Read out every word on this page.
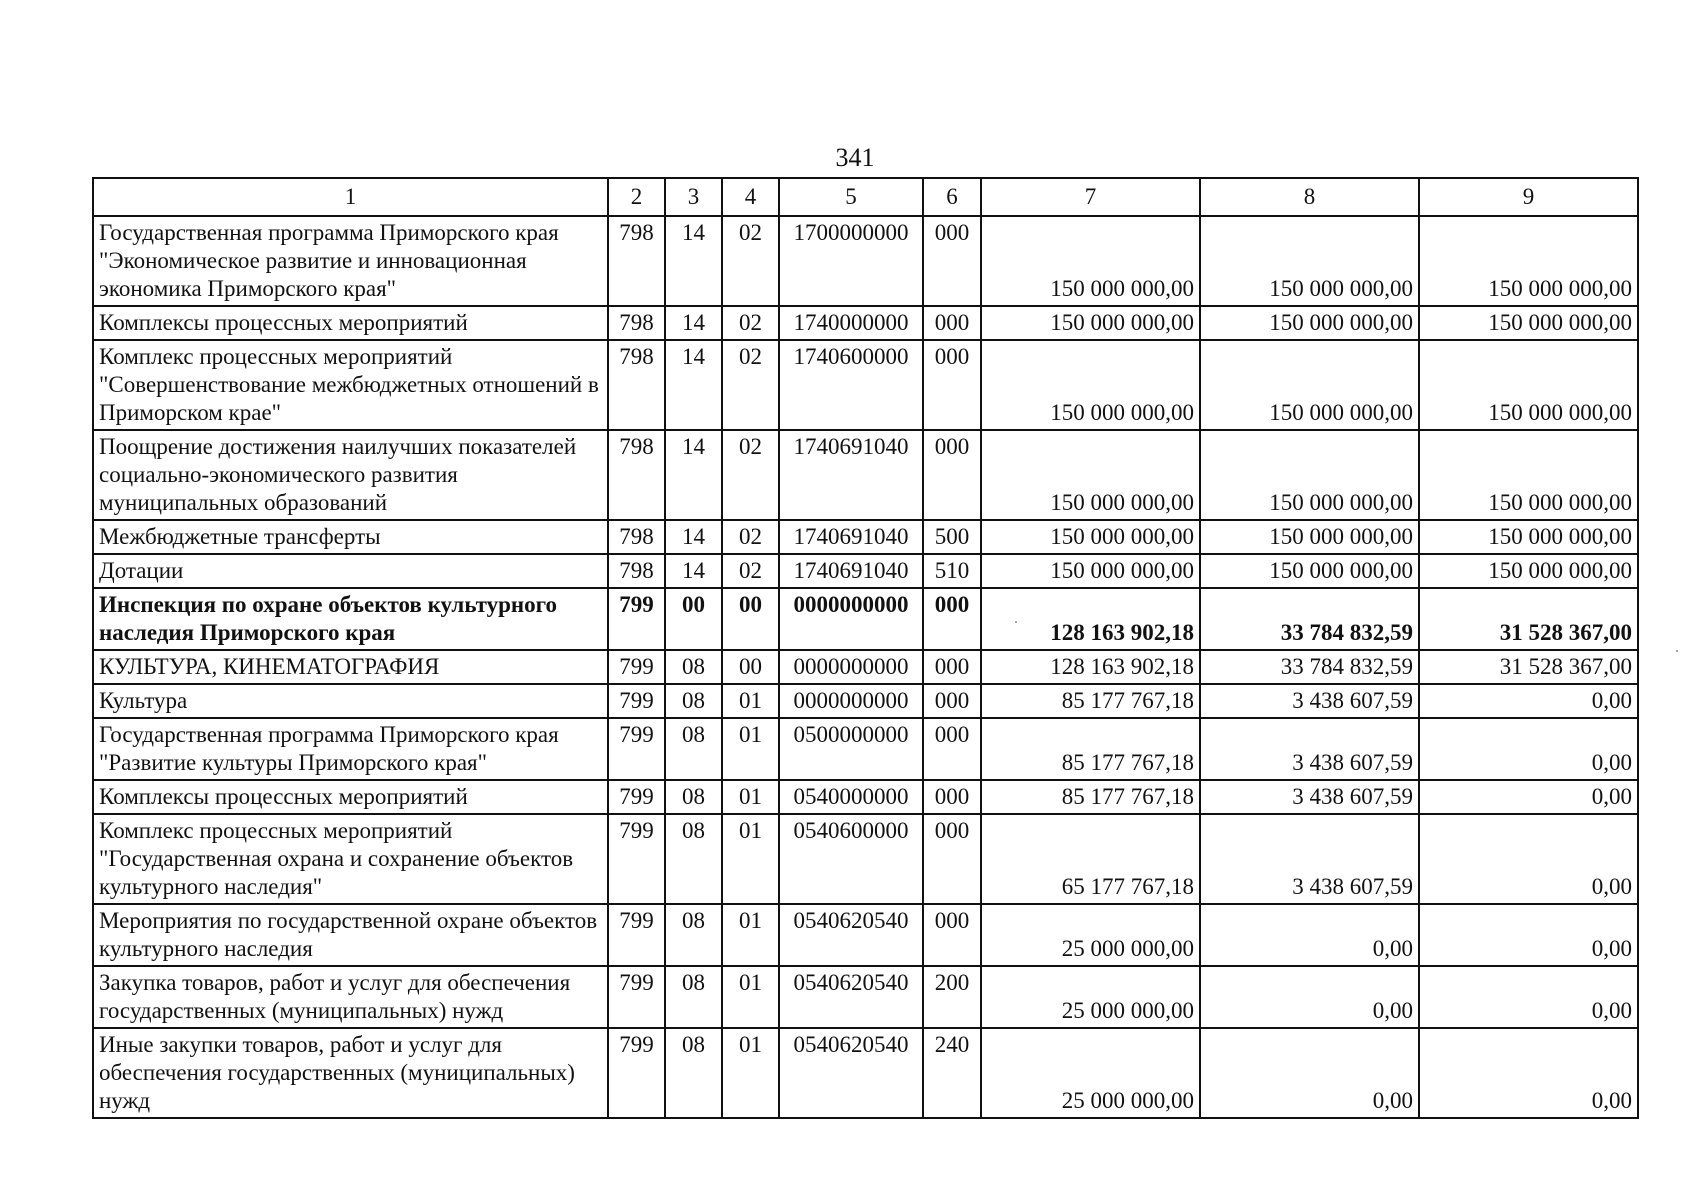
341
1	2	3	4	5	6	7	8	9
Государственная программа Приморского края "Экономическое развитие и инновационная экономика Приморского края"	798	14	02	1700000000	000	150 000 000,00	150 000 000,00	150 000 000,00
Комплексы процессных мероприятий	798	14	02	1740000000	000	150 000 000,00	150 000 000,00	150 000 000,00
Комплекс процессных мероприятий "Совершенствование межбюджетных отношений в Приморском крае"	798	14	02	1740600000	000	150 000 000,00	150 000 000,00	150 000 000,00
Поощрение достижения наилучших показателей социально-экономического развития муниципальных образований	798	14	02	1740691040	000	150 000 000,00	150 000 000,00	150 000 000,00
Межбюджетные трансферты	798	14	02	1740691040	500	150 000 000,00	150 000 000,00	150 000 000,00
Дотации	798	14	02	1740691040	510	150 000 000,00	150 000 000,00	150 000 000,00
Инспекция по охране объектов культурного наследия Приморского края	799	00	00	0000000000	000	128 163 902,18	33 784 832,59	31 528 367,00
КУЛЬТУРА, КИНЕМАТОГРАФИЯ	799	08	00	0000000000	000	128 163 902,18	33 784 832,59	31 528 367,00
Культура	799	08	01	0000000000	000	85 177 767,18	3 438 607,59	0,00
Государственная программа Приморского края "Развитие культуры Приморского края"	799	08	01	0500000000	000	85 177 767,18	3 438 607,59	0,00
Комплексы процессных мероприятий	799	08	01	0540000000	000	85 177 767,18	3 438 607,59	0,00
Комплекс процессных мероприятий "Государственная охрана и сохранение объектов культурного наследия"	799	08	01	0540600000	000	65 177 767,18	3 438 607,59	0,00
Мероприятия по государственной охране объектов культурного наследия	799	08	01	0540620540	000	25 000 000,00	0,00	0,00
Закупка товаров, работ и услуг для обеспечения государственных (муниципальных) нужд	799	08	01	0540620540	200	25 000 000,00	0,00	0,00
Иные закупки товаров, работ и услуг для обеспечения государственных (муниципальных) нужд	799	08	01	0540620540	240	25 000 000,00	0,00	0,00
